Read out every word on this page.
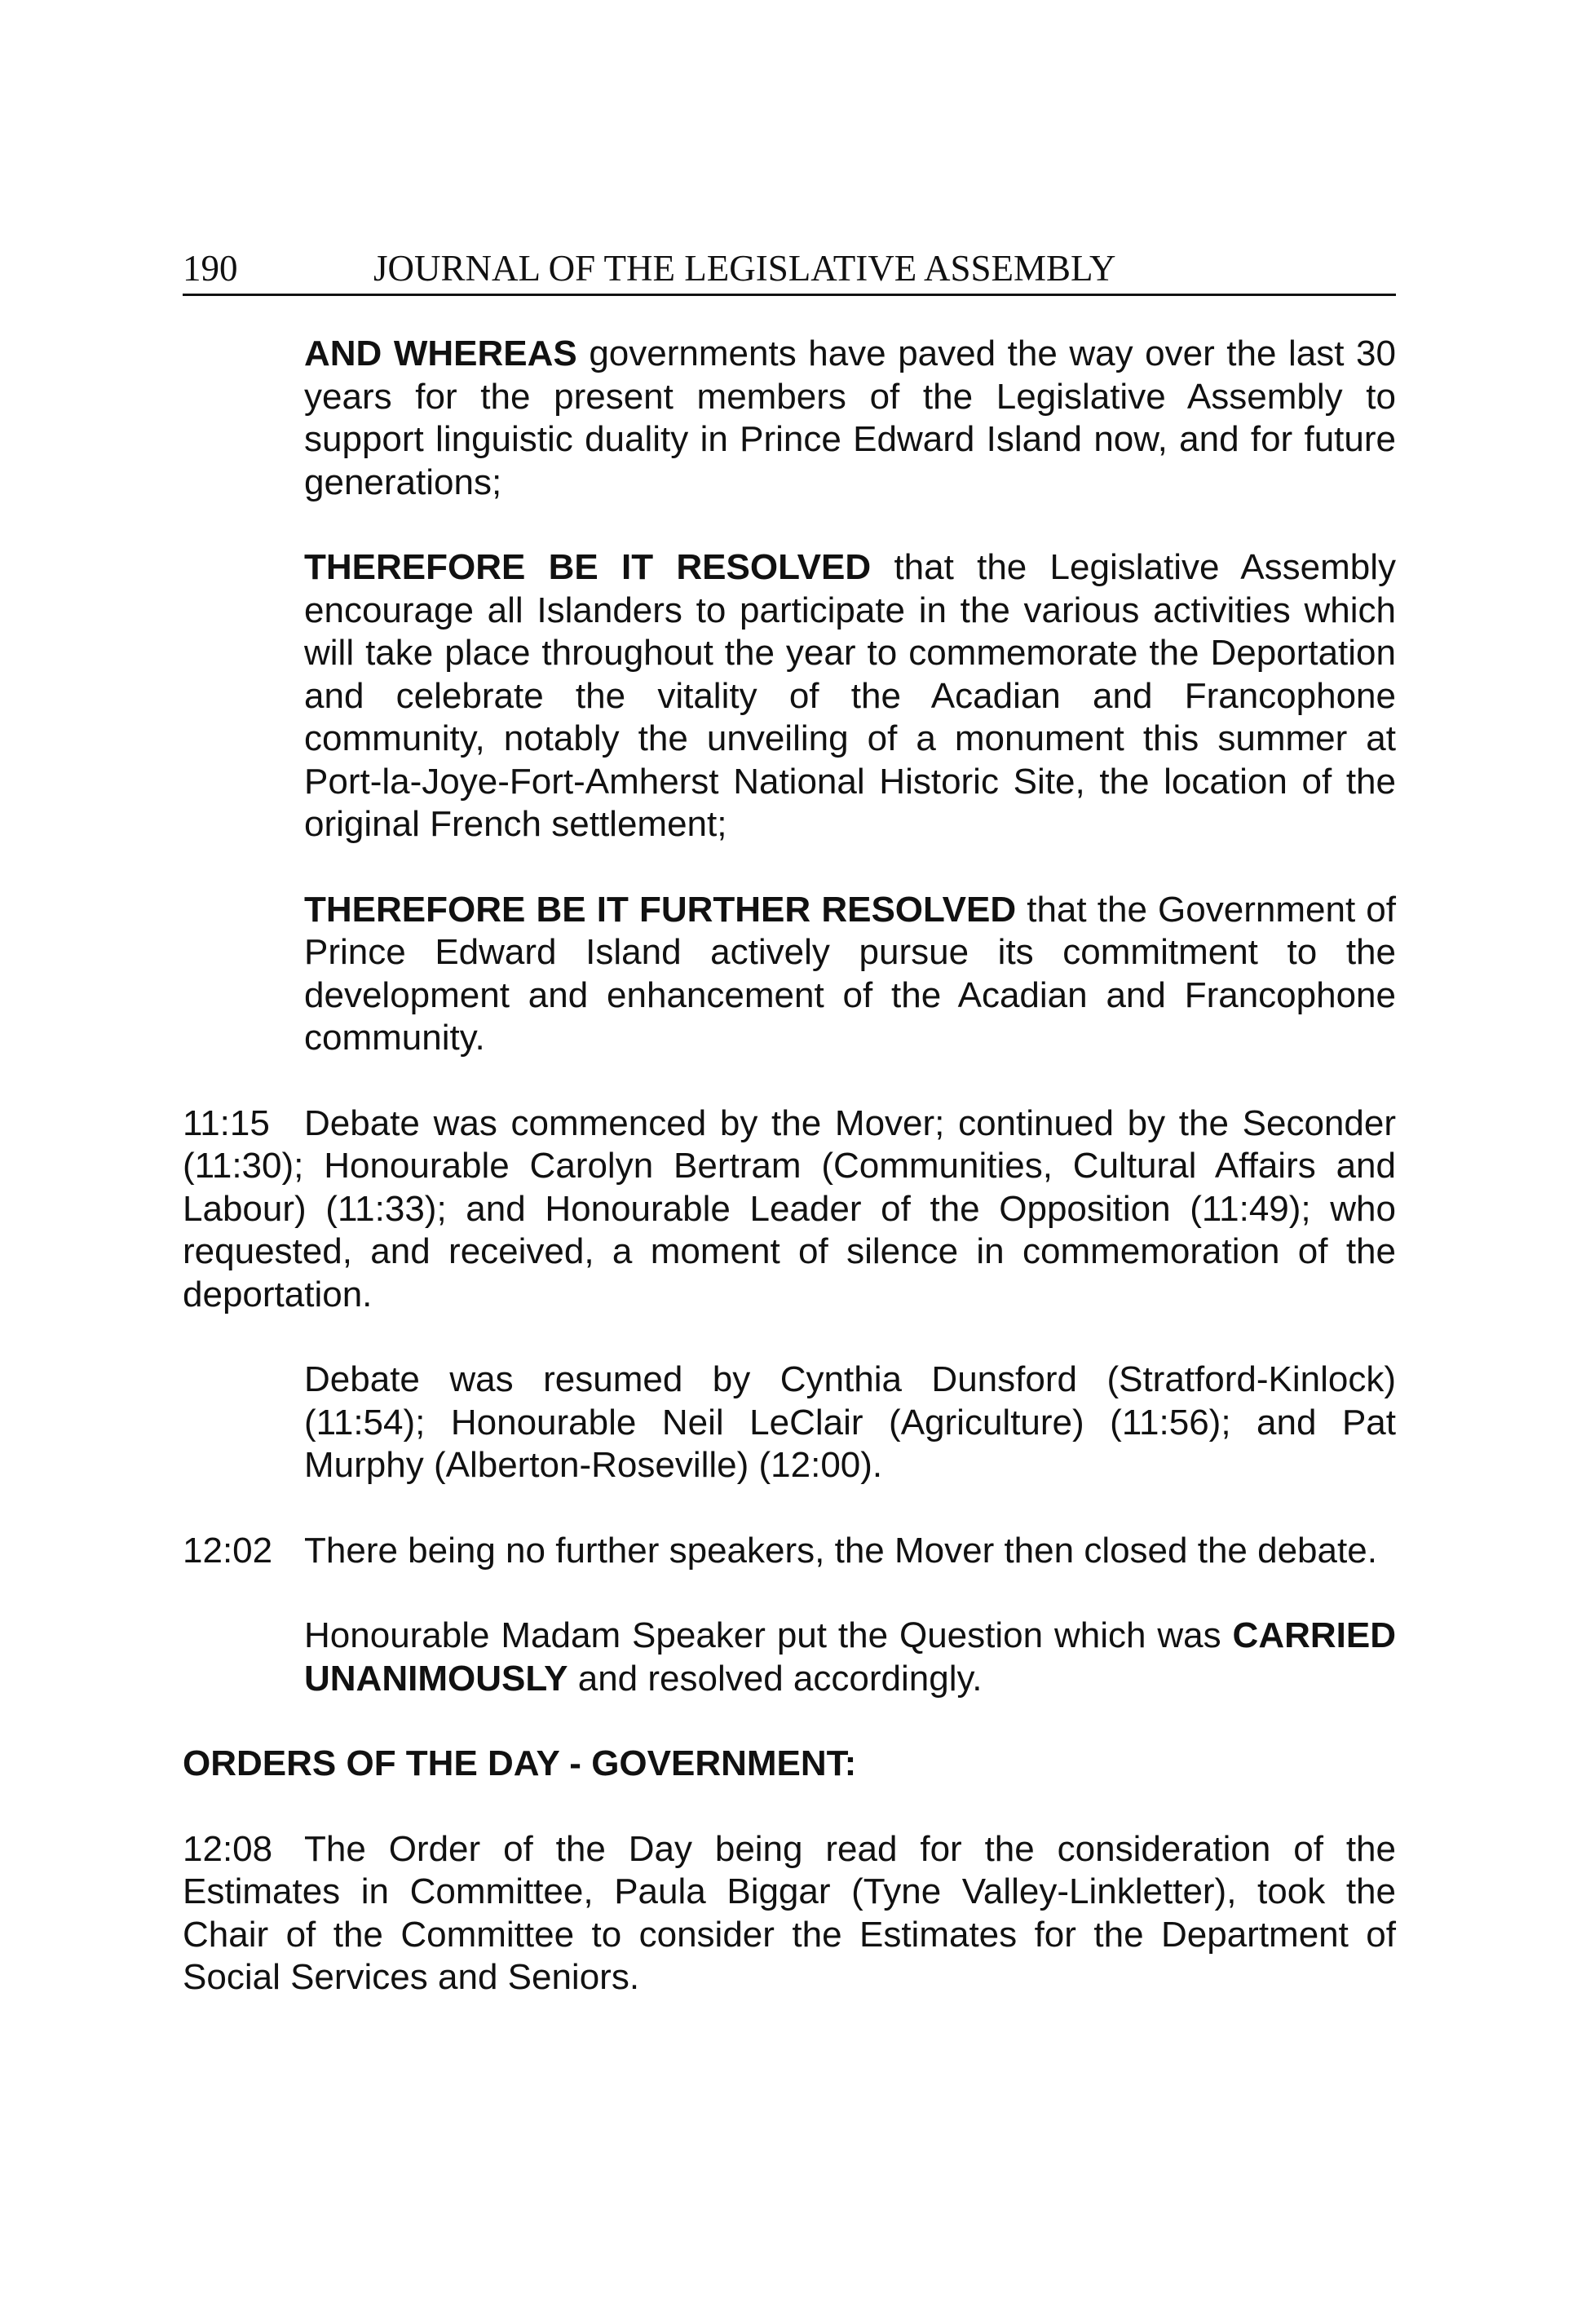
190	JOURNAL OF THE LEGISLATIVE ASSEMBLY

AND WHEREAS governments have paved the way over the last 30 years for the present members of the Legislative Assembly to support linguistic duality in Prince Edward Island now, and for future generations;

THEREFORE BE IT RESOLVED that the Legislative Assembly encourage all Islanders to participate in the various activities which will take place throughout the year to commemorate the Deportation and celebrate the vitality of the Acadian and Francophone community, notably the unveiling of a monument this summer at Port-la-Joye-Fort-Amherst National Historic Site, the location of the original French settlement;

THEREFORE BE IT FURTHER RESOLVED that the Government of Prince Edward Island actively pursue its commitment to the development and enhancement of the Acadian and Francophone community.

11:15 Debate was commenced by the Mover; continued by the Seconder (11:30); Honourable Carolyn Bertram (Communities, Cultural Affairs and Labour) (11:33); and Honourable Leader of the Opposition (11:49); who requested, and received, a moment of silence in commemoration of the deportation.

Debate was resumed by Cynthia Dunsford (Stratford-Kinlock) (11:54); Honourable Neil LeClair (Agriculture) (11:56); and Pat Murphy (Alberton-Roseville) (12:00).

12:02 There being no further speakers, the Mover then closed the debate.

Honourable Madam Speaker put the Question which was CARRIED UNANIMOUSLY and resolved accordingly.

ORDERS OF THE DAY - GOVERNMENT:

12:08 The Order of the Day being read for the consideration of the Estimates in Committee, Paula Biggar (Tyne Valley-Linkletter), took the Chair of the Committee to consider the Estimates for the Department of Social Services and Seniors.
